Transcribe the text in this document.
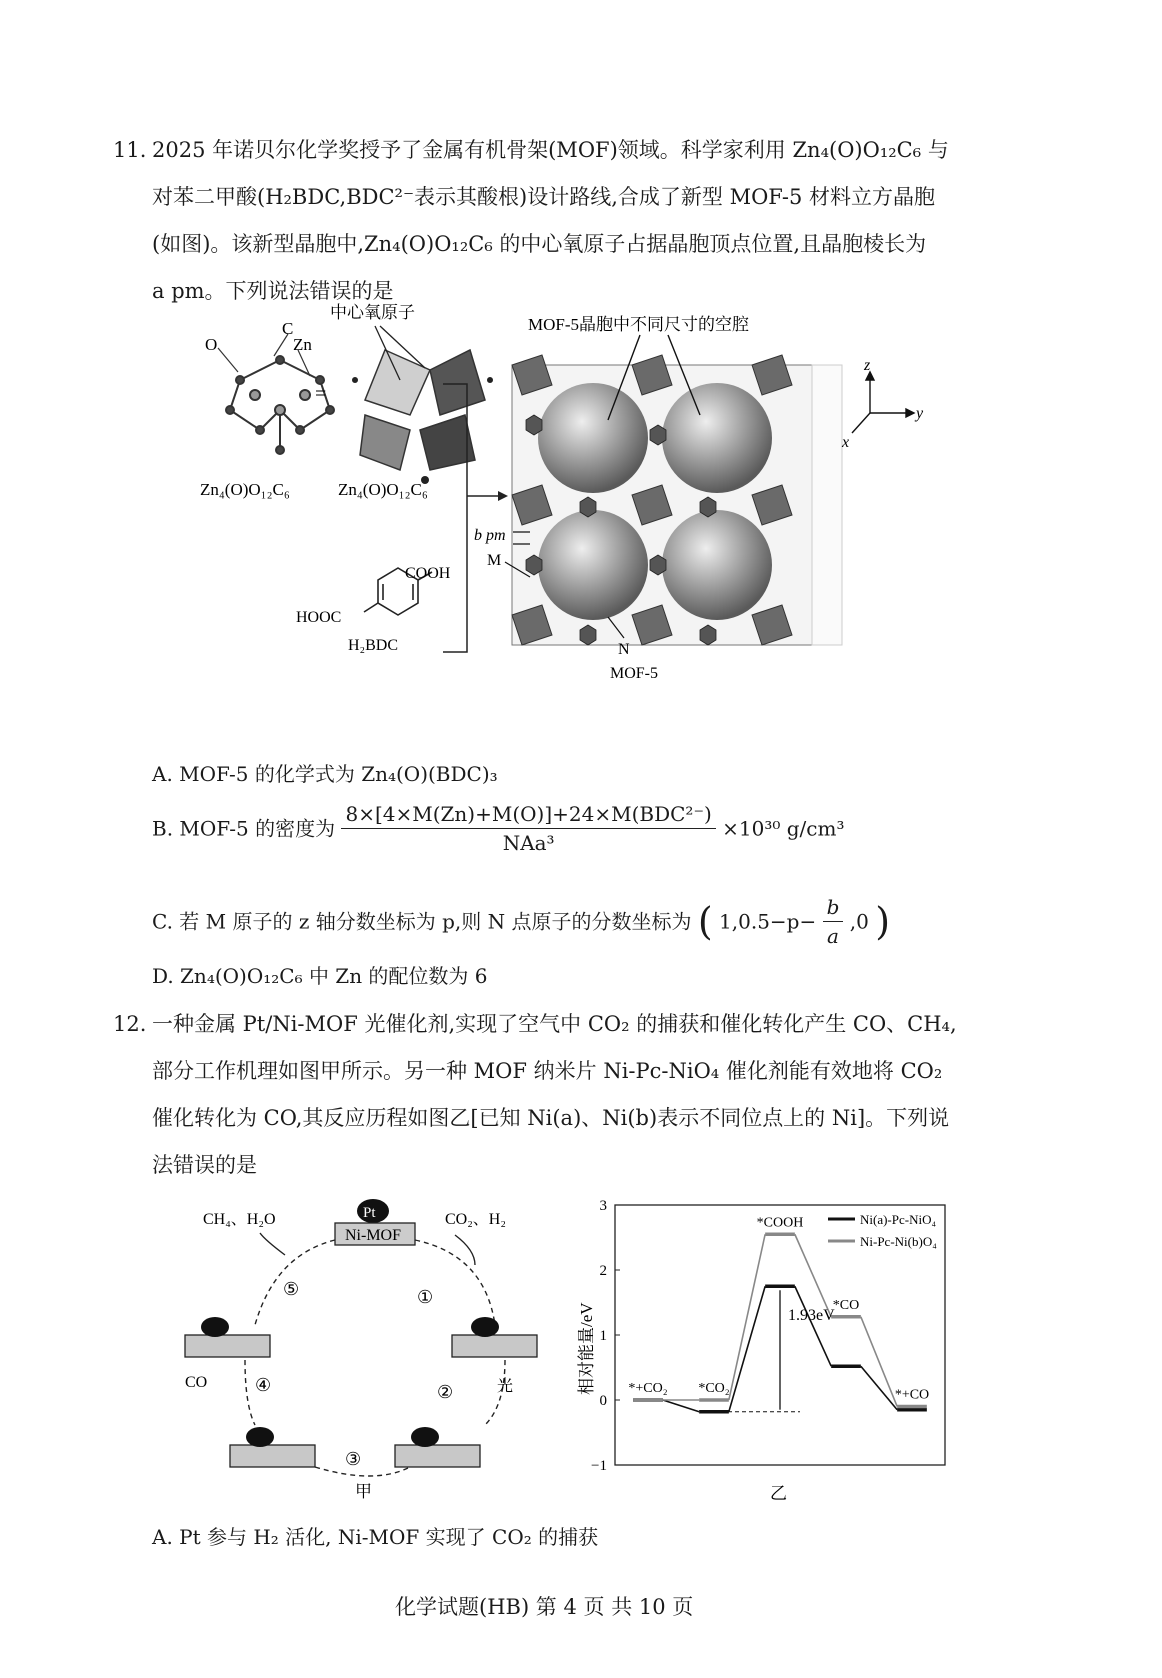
11. 2025 年诺贝尔化学奖授予了金属有机骨架(MOF)领域。科学家利用 Zn₄(O)O₁₂C₆ 与
对苯二甲酸(H₂BDC,BDC²⁻表示其酸根)设计路线,合成了新型 MOF-5 材料立方晶胞
(如图)。该新型晶胞中,Zn₄(O)O₁₂C₆ 的中心氧原子占据晶胞顶点位置,且晶胞棱长为
a pm。下列说法错误的是
O
C
Zn
Zn₄(O)O₁₂C₆
=
中心氧原子
Zn₄(O)O₁₂C₆
COOH
HOOC
H₂BDC
MOF-5晶胞中不同尺寸的空腔
b pm
M
N
MOF-5
z
y
x
A. MOF-5 的化学式为 Zn₄(O)(BDC)₃
B. MOF-5 的密度为 $\frac{\text{8×[4×M(Zn)+M(O)]+24×M(BDC²⁻)}}{\text{NAa³}} \times 10^{30}$ g/cm³
C. 若 M 原子的 z 轴分数坐标为 p,则 N 点原子的分数坐标为 ( $1,0.5-p- \frac{b}{a} ,0$ )
D. Zn₄(O)O₁₂C₆ 中 Zn 的配位数为 6
12. 一种金属 Pt/Ni-MOF 光催化剂,实现了空气中 CO₂ 的捕获和催化转化产生 CO、CH₄,
部分工作机理如图甲所示。另一种 MOF 纳米片 Ni-Pc-NiO₄ 催化剂能有效地将 CO₂
催化转化为 CO,其反应历程如图乙[已知 Ni(a)、Ni(b)表示不同位点上的 Ni]。下列说
法错误的是
Pt
Ni-MOF
CH₄、H₂O	CO₂、H₂
⑤	①
②
③
④	光
CO
甲
−1
0
1
2
3
*+CO₂ *CO₂
*COOH
*CO
*+CO
相对能量/eV	1.93eV
乙
Ni(a)-Pc-NiO₄
Ni-Pc-Ni(b)O₄
A. Pt 参与 H₂ 活化, Ni-MOF 实现了 CO₂ 的捕获
化学试题(HB) 第 4 页 共 10 页
